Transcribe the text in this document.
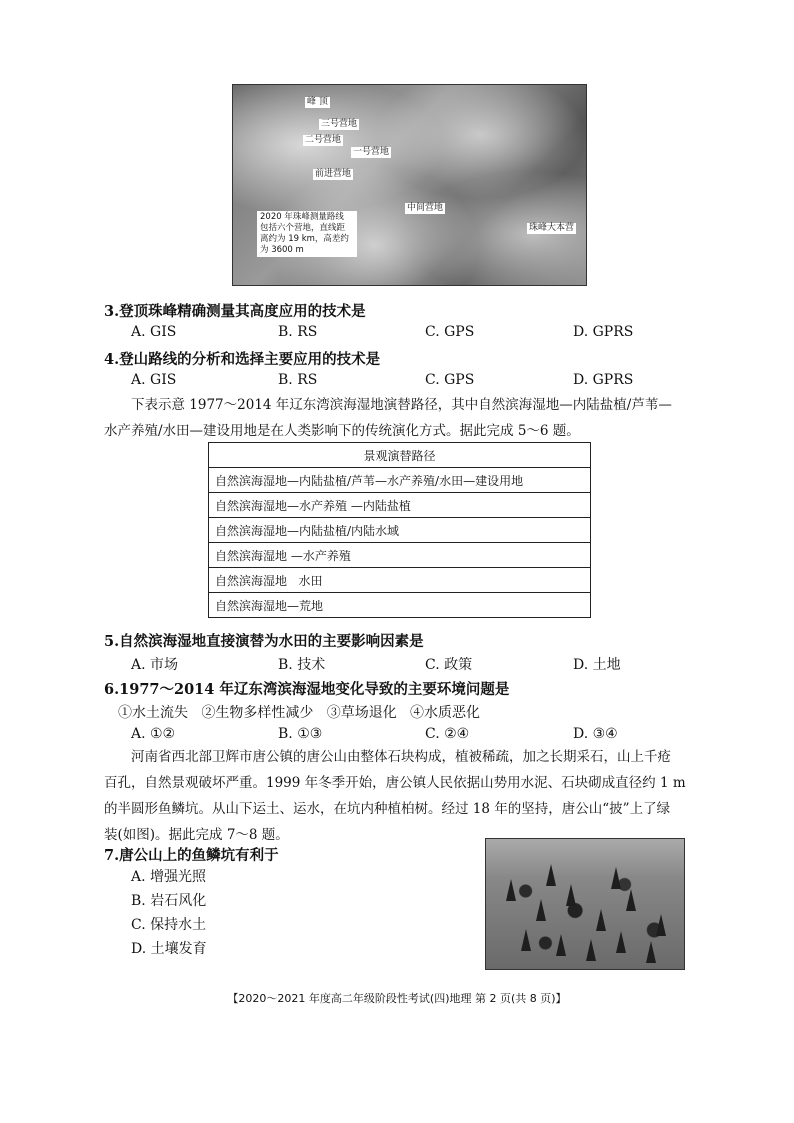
峰 顶
三号营地
二号营地
一号营地
前进营地
中间营地
珠峰大本营
2020 年珠峰测量路线
包括六个营地，直线距
离约为 19 km，高差约
为 3600 m
3.登顶珠峰精确测量其高度应用的技术是
A. GIS	B. RS	C. GPS	D. GPRS
4.登山路线的分析和选择主要应用的技术是
A. GIS	B. RS	C. GPS	D. GPRS
下表示意 1977～2014 年辽东湾滨海湿地演替路径，其中自然滨海湿地—内陆盐植/芦苇—
水产养殖/水田—建设用地是在人类影响下的传统演化方式。据此完成 5～6 题。
景观演替路径
自然滨海湿地—内陆盐植/芦苇—水产养殖/水田—建设用地
自然滨海湿地—水产养殖 —内陆盐植
自然滨海湿地—内陆盐植/内陆水域
自然滨海湿地 —水产养殖
自然滨海湿地   水田
自然滨海湿地—荒地
5.自然滨海湿地直接演替为水田的主要影响因素是
A. 市场	B. 技术	C. 政策	D. 土地
6.1977～2014 年辽东湾滨海湿地变化导致的主要环境问题是
①水土流失   ②生物多样性减少   ③草场退化   ④水质恶化
A. ①②	B. ①③	C. ②④	D. ③④
河南省西北部卫辉市唐公镇的唐公山由整体石块构成，植被稀疏，加之长期采石，山上千疮
百孔，自然景观破坏严重。1999 年冬季开始，唐公镇人民依据山势用水泥、石块砌成直径约 1 m
的半圆形鱼鳞坑。从山下运土、运水，在坑内种植柏树。经过 18 年的坚持，唐公山“披”上了绿
装(如图)。据此完成 7～8 题。
7.唐公山上的鱼鳞坑有利于
A. 增强光照
B. 岩石风化
C. 保持水土
D. 土壤发育
【2020～2021 年度高二年级阶段性考试(四)地理 第 2 页(共 8 页)】
